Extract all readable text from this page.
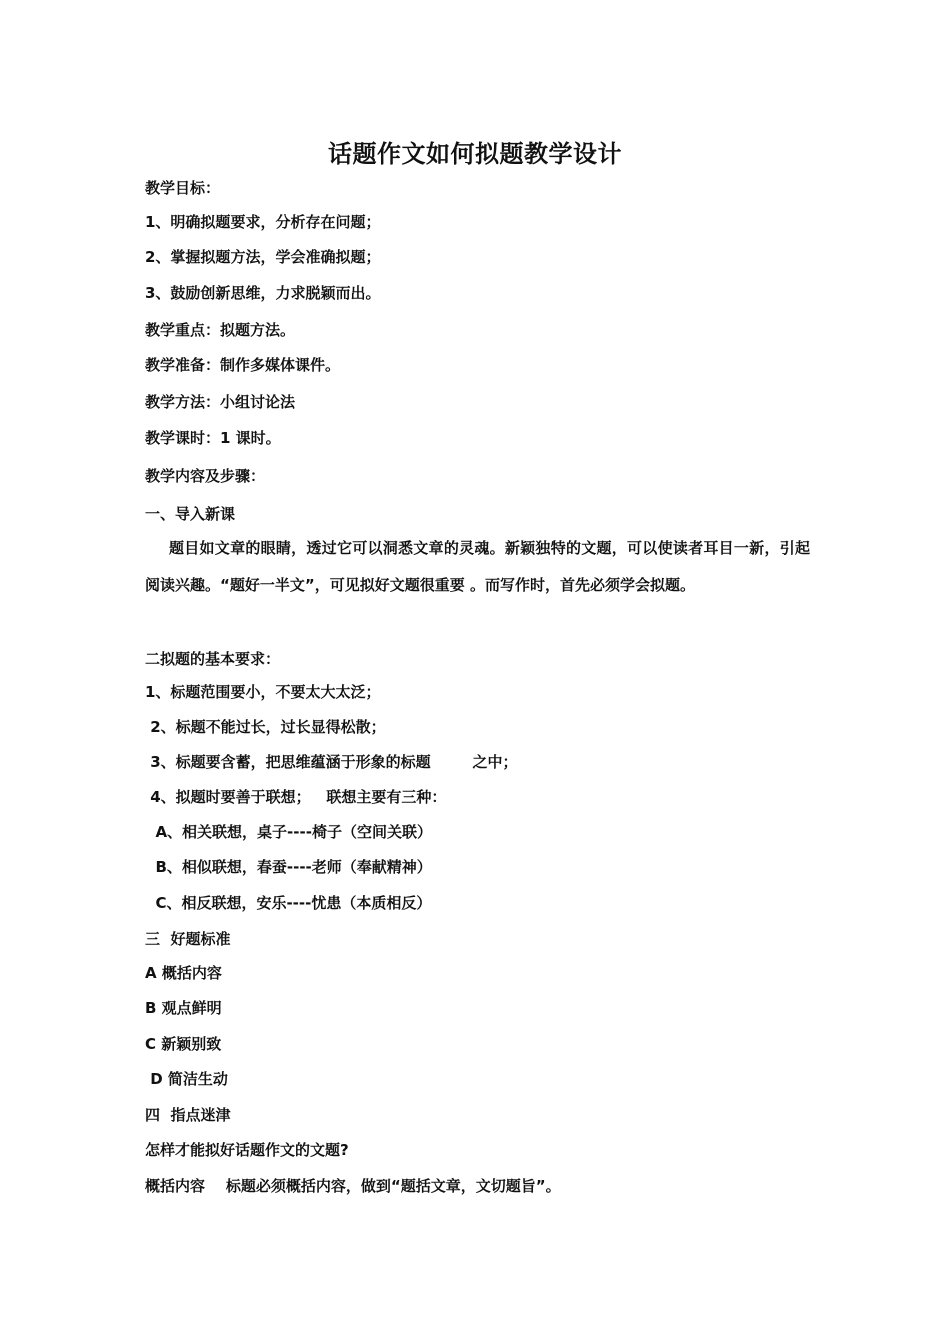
话题作文如何拟题教学设计
教学目标：
1、明确拟题要求，分析存在问题；
2、掌握拟题方法，学会准确拟题；
3、鼓励创新思维，力求脱颖而出。
教学重点：拟题方法。
教学准备：制作多媒体课件。
教学方法：小组讨论法
教学课时：1 课时。
教学内容及步骤：
一、导入新课
题目如文章的眼睛，透过它可以洞悉文章的灵魂。新颖独特的文题，可以使读者耳目一新，引起阅读兴趣。“题好一半文”，可见拟好文题很重要 。而写作时，首先必须学会拟题。
二拟题的基本要求：
1、标题范围要小，不要太大太泛；
2、标题不能过长，过长显得松散；
3、标题要含蓄，把思维蕴涵于形象的标题        之中；
4、拟题时要善于联想；   联想主要有三种：
A、相关联想，桌子----椅子（空间关联）
B、相似联想，春蚕----老师（奉献精神）
C、相反联想，安乐----忧患（本质相反）
三  好题标准
A 概括内容
B 观点鲜明
C 新颖别致
D 简洁生动
四  指点迷津
怎样才能拟好话题作文的文题?
概括内容    标题必须概括内容，做到“题括文章，文切题旨”。
